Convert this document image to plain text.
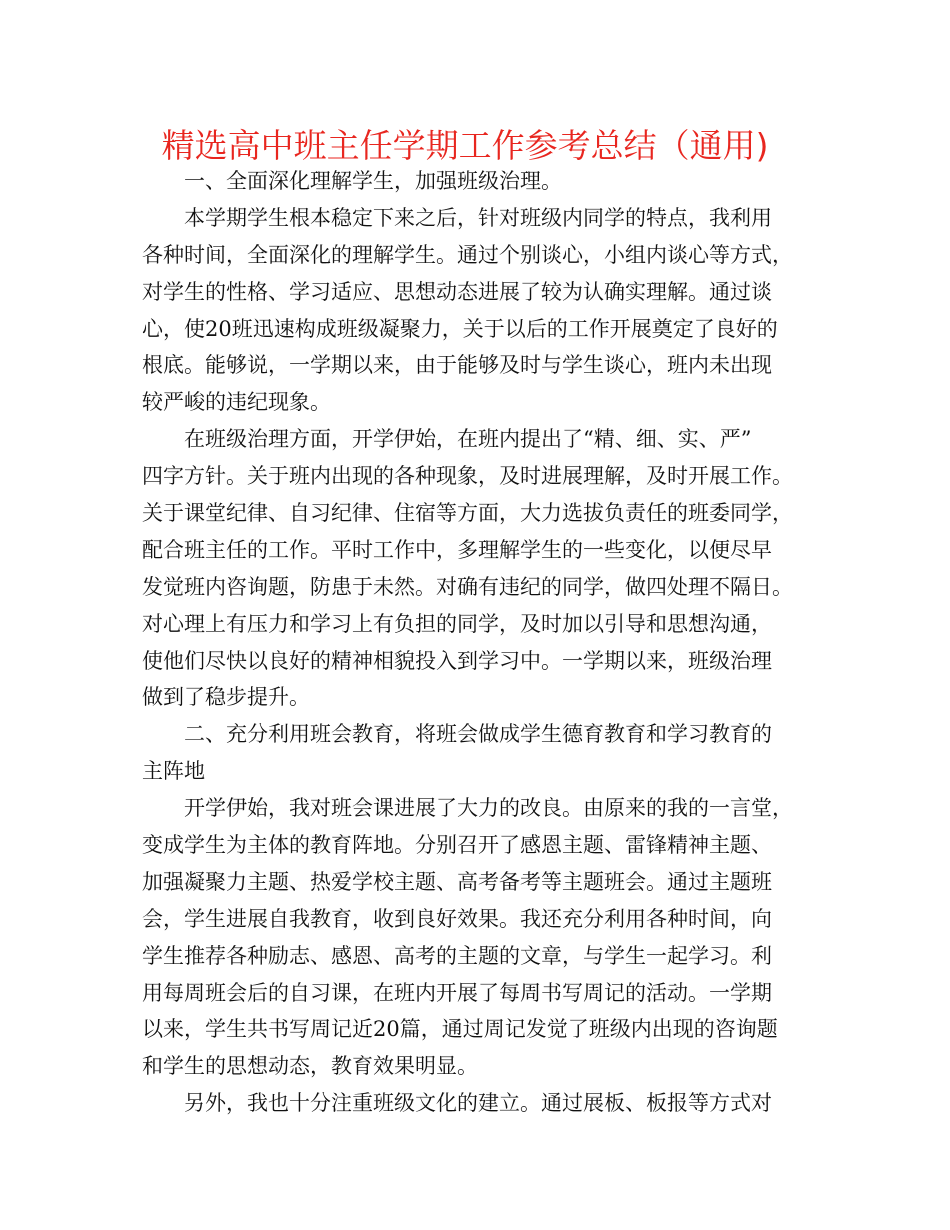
精选高中班主任学期工作参考总结（通用)
一、全面深化理解学生，加强班级治理。
本学期学生根本稳定下来之后，针对班级内同学的特点，我利用
各种时间，全面深化的理解学生。通过个别谈心，小组内谈心等方式，
对学生的性格、学习适应、思想动态进展了较为认确实理解。通过谈
心，使20班迅速构成班级凝聚力，关于以后的工作开展奠定了良好的
根底。能够说，一学期以来，由于能够及时与学生谈心，班内未出现
较严峻的违纪现象。
在班级治理方面，开学伊始，在班内提出了“精、细、实、严”
四字方针。关于班内出现的各种现象，及时进展理解，及时开展工作。
关于课堂纪律、自习纪律、住宿等方面，大力选拔负责任的班委同学，
配合班主任的工作。平时工作中，多理解学生的一些变化，以便尽早
发觉班内咨询题，防患于未然。对确有违纪的同学，做四处理不隔日。
对心理上有压力和学习上有负担的同学，及时加以引导和思想沟通，
使他们尽快以良好的精神相貌投入到学习中。一学期以来，班级治理
做到了稳步提升。
二、充分利用班会教育，将班会做成学生德育教育和学习教育的
主阵地
开学伊始，我对班会课进展了大力的改良。由原来的我的一言堂，
变成学生为主体的教育阵地。分别召开了感恩主题、雷锋精神主题、
加强凝聚力主题、热爱学校主题、高考备考等主题班会。通过主题班
会，学生进展自我教育，收到良好效果。我还充分利用各种时间，向
学生推荐各种励志、感恩、高考的主题的文章，与学生一起学习。利
用每周班会后的自习课，在班内开展了每周书写周记的活动。一学期
以来，学生共书写周记近20篇，通过周记发觉了班级内出现的咨询题
和学生的思想动态，教育效果明显。
另外，我也十分注重班级文化的建立。通过展板、板报等方式对
